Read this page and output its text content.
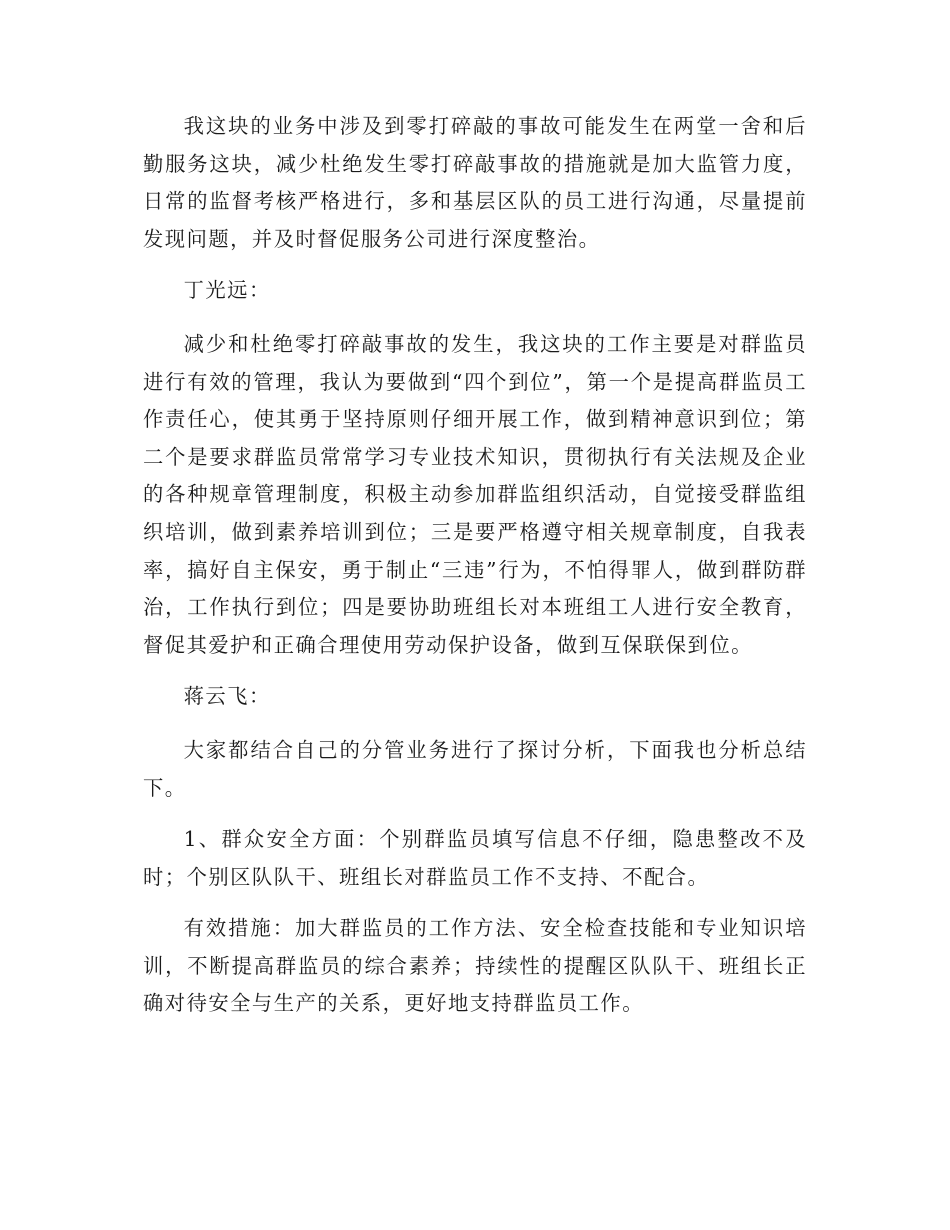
我这块的业务中涉及到零打碎敲的事故可能发生在两堂一舍和后勤服务这块，减少杜绝发生零打碎敲事故的措施就是加大监管力度，日常的监督考核严格进行，多和基层区队的员工进行沟通，尽量提前发现问题，并及时督促服务公司进行深度整治。

丁光远：

减少和杜绝零打碎敲事故的发生，我这块的工作主要是对群监员进行有效的管理，我认为要做到“四个到位”，第一个是提高群监员工作责任心，使其勇于坚持原则仔细开展工作，做到精神意识到位；第二个是要求群监员常常学习专业技术知识，贯彻执行有关法规及企业的各种规章管理制度，积极主动参加群监组织活动，自觉接受群监组织培训，做到素养培训到位；三是要严格遵守相关规章制度，自我表率，搞好自主保安，勇于制止“三违”行为，不怕得罪人，做到群防群治，工作执行到位；四是要协助班组长对本班组工人进行安全教育，督促其爱护和正确合理使用劳动保护设备，做到互保联保到位。

蒋云飞：

大家都结合自己的分管业务进行了探讨分析，下面我也分析总结下。

1、群众安全方面：个别群监员填写信息不仔细，隐患整改不及时；个别区队队干、班组长对群监员工作不支持、不配合。

有效措施：加大群监员的工作方法、安全检查技能和专业知识培训，不断提高群监员的综合素养；持续性的提醒区队队干、班组长正确对待安全与生产的关系，更好地支持群监员工作。
